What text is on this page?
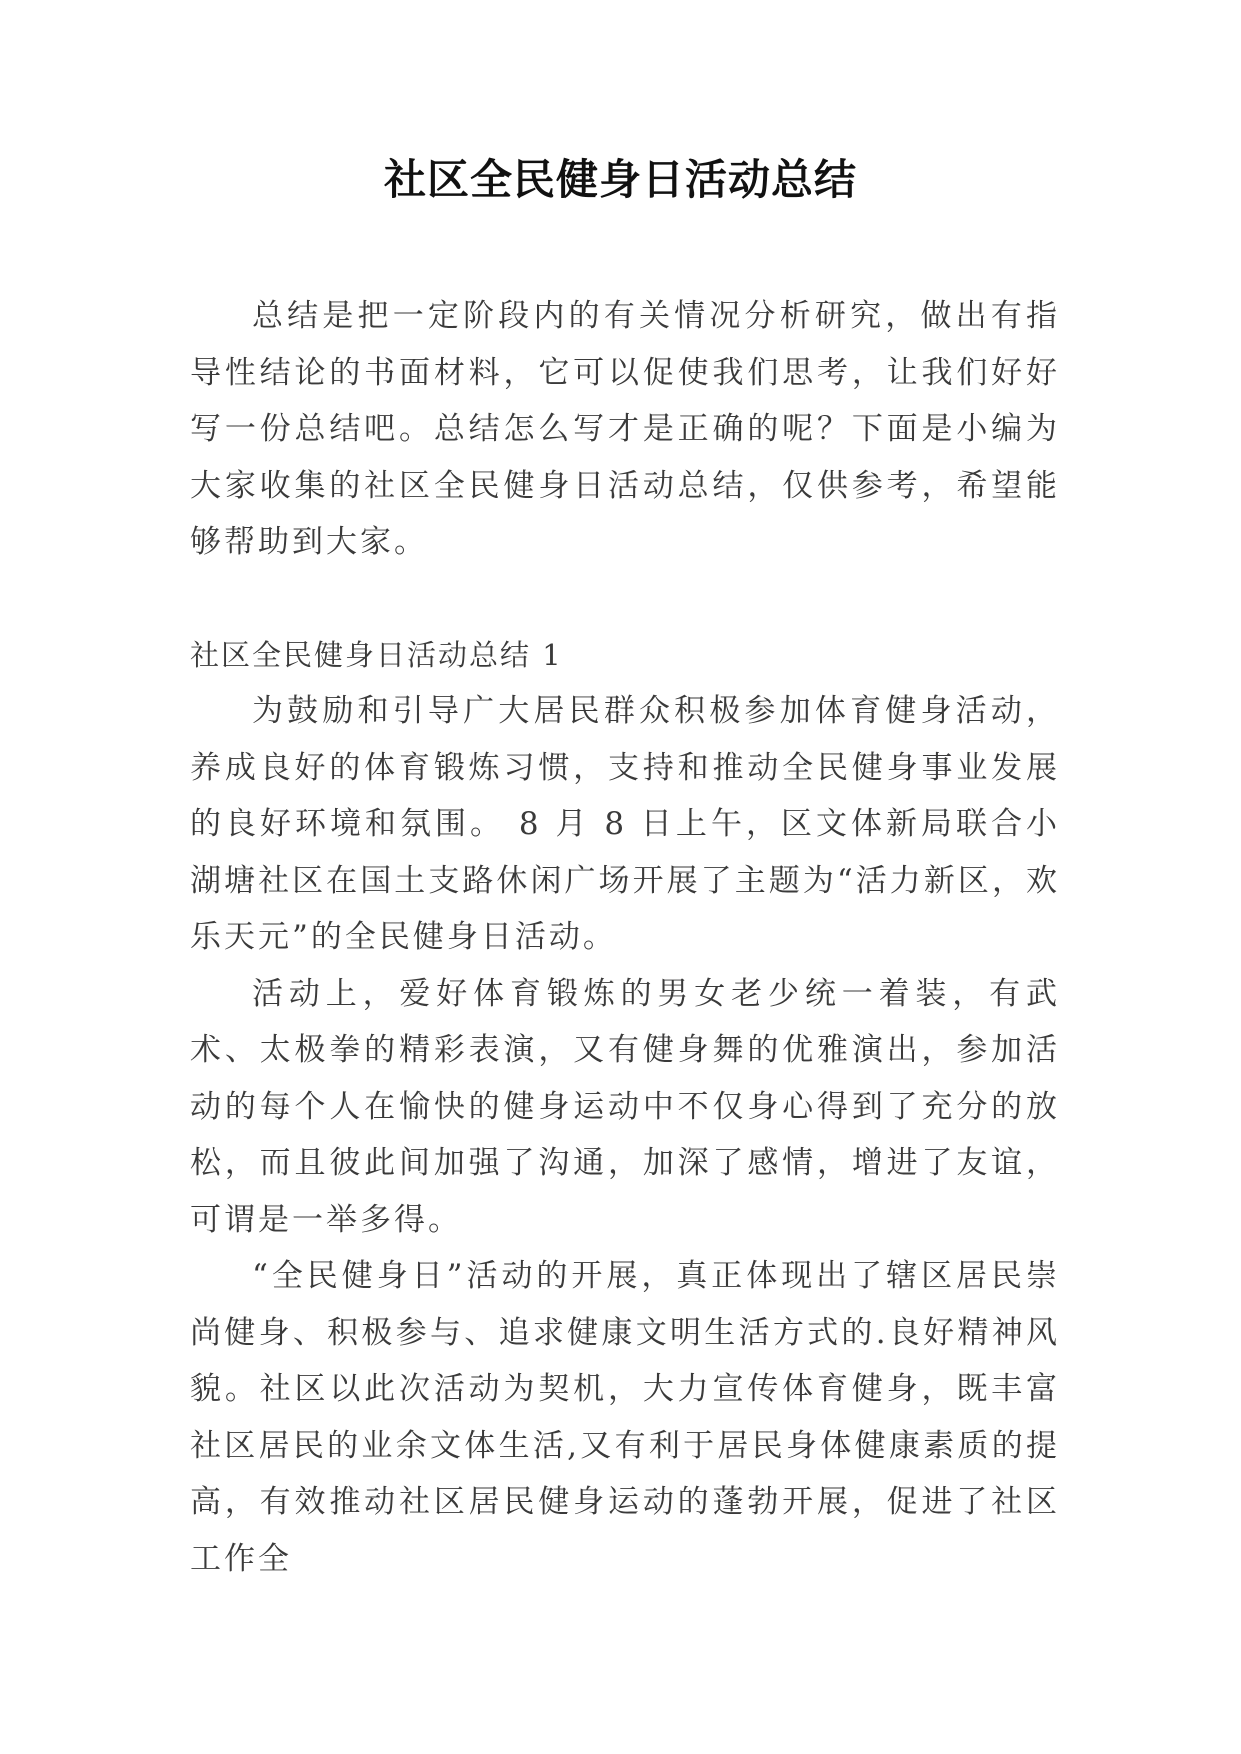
社区全民健身日活动总结

总结是把一定阶段内的有关情况分析研究，做出有指导性结论的书面材料，它可以促使我们思考，让我们好好写一份总结吧。总结怎么写才是正确的呢？下面是小编为大家收集的社区全民健身日活动总结，仅供参考，希望能够帮助到大家。

社区全民健身日活动总结 1

为鼓励和引导广大居民群众积极参加体育健身活动，养成良好的体育锻炼习惯，支持和推动全民健身事业发展的良好环境和氛围。 8 月 8 日上午，区文体新局联合小湖塘社区在国土支路休闲广场开展了主题为“活力新区，欢乐天元”的全民健身日活动。

活动上，爱好体育锻炼的男女老少统一着装，有武术、太极拳的精彩表演，又有健身舞的优雅演出，参加活动的每个人在愉快的健身运动中不仅身心得到了充分的放松，而且彼此间加强了沟通，加深了感情，增进了友谊，可谓是一举多得。

“全民健身日”活动的开展，真正体现出了辖区居民崇尚健身、积极参与、追求健康文明生活方式的.良好精神风貌。社区以此次活动为契机，大力宣传体育健身，既丰富社区居民的业余文体生活,又有利于居民身体健康素质的提高，有效推动社区居民健身运动的蓬勃开展，促进了社区工作全
